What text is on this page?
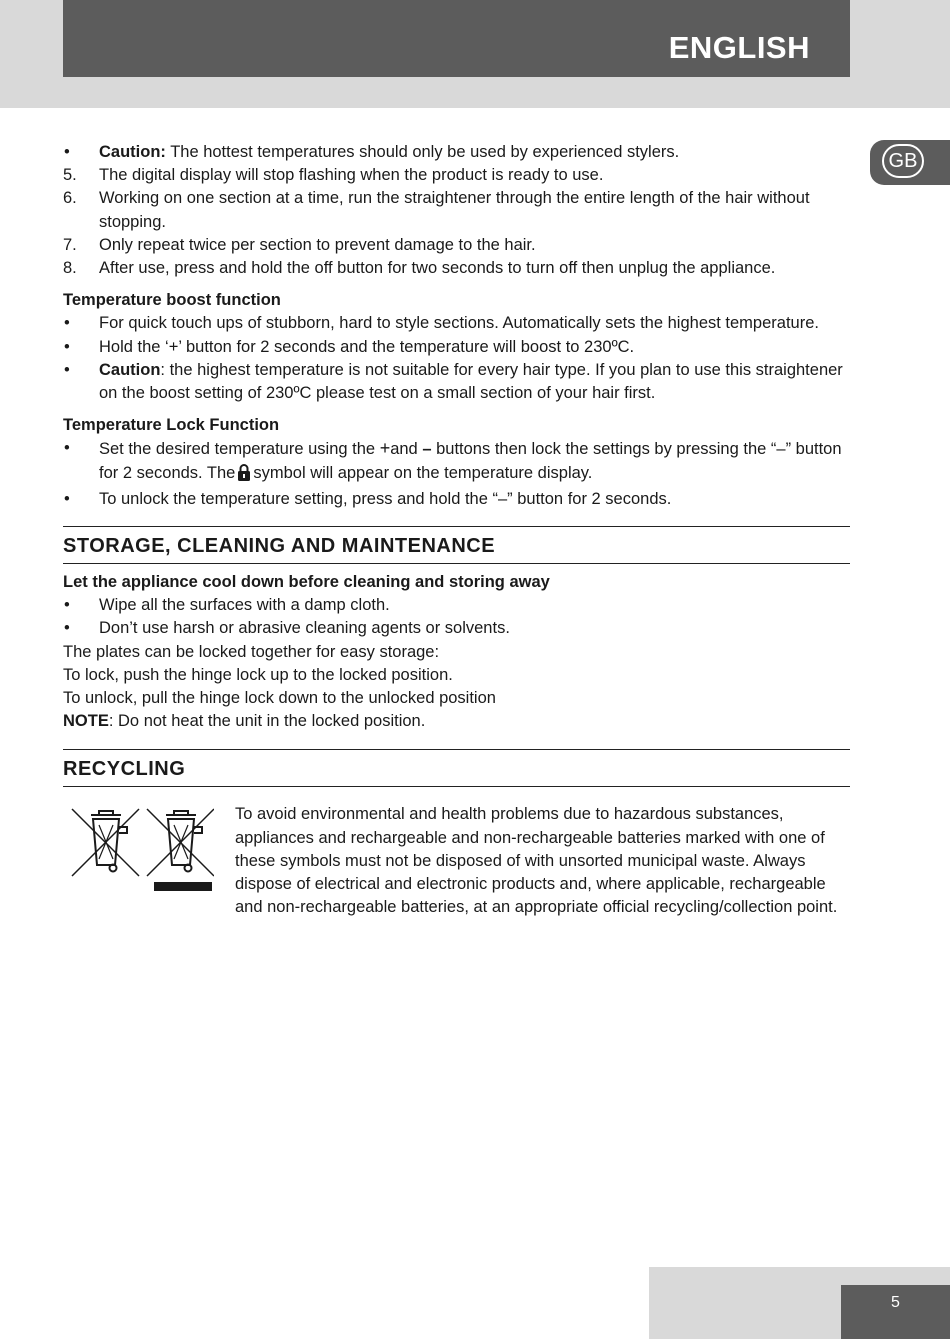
ENGLISH
GB
•	Caution: The hottest temperatures should only be used by experienced stylers.
5.	The digital display will stop flashing when the product is ready to use.
6.	Working on one section at a time, run the straightener through the entire length of the hair without stopping.
7.	Only repeat twice per section to prevent damage to the hair.
8.	After use, press and hold the off button for two seconds to turn off then unplug the appliance.
Temperature boost function
•	For quick touch ups of stubborn, hard to style sections. Automatically sets the highest temperature.
•	Hold the ‘+’ button for 2 seconds and the temperature will boost to 230ºC.
•	Caution: the highest temperature is not suitable for every hair type. If you plan to use this straightener on the boost setting of 230ºC please test on a small section of your hair first.
Temperature Lock Function
•	Set the desired temperature using the +and – buttons then lock the settings by pressing the “–” button for 2 seconds. The symbol will appear on the temperature display.
•	To unlock the temperature setting, press and hold the “–” button for 2 seconds.
STORAGE, CLEANING AND MAINTENANCE
Let the appliance cool down before cleaning and storing away
•	Wipe all the surfaces with a damp cloth.
•	Don’t use harsh or abrasive cleaning agents or solvents.
The plates can be locked together for easy storage:
To lock, push the hinge lock up to the locked position.
To unlock, pull the hinge lock down to the unlocked position
NOTE: Do not heat the unit in the locked position.
RECYCLING
To avoid environmental and health problems due to hazardous substances, appliances and rechargeable and non-rechargeable batteries marked with one of these symbols must not be disposed of with unsorted municipal waste. Always dispose of electrical and electronic products and, where applicable, rechargeable and non-rechargeable batteries, at an appropriate official recycling/collection point.
5
